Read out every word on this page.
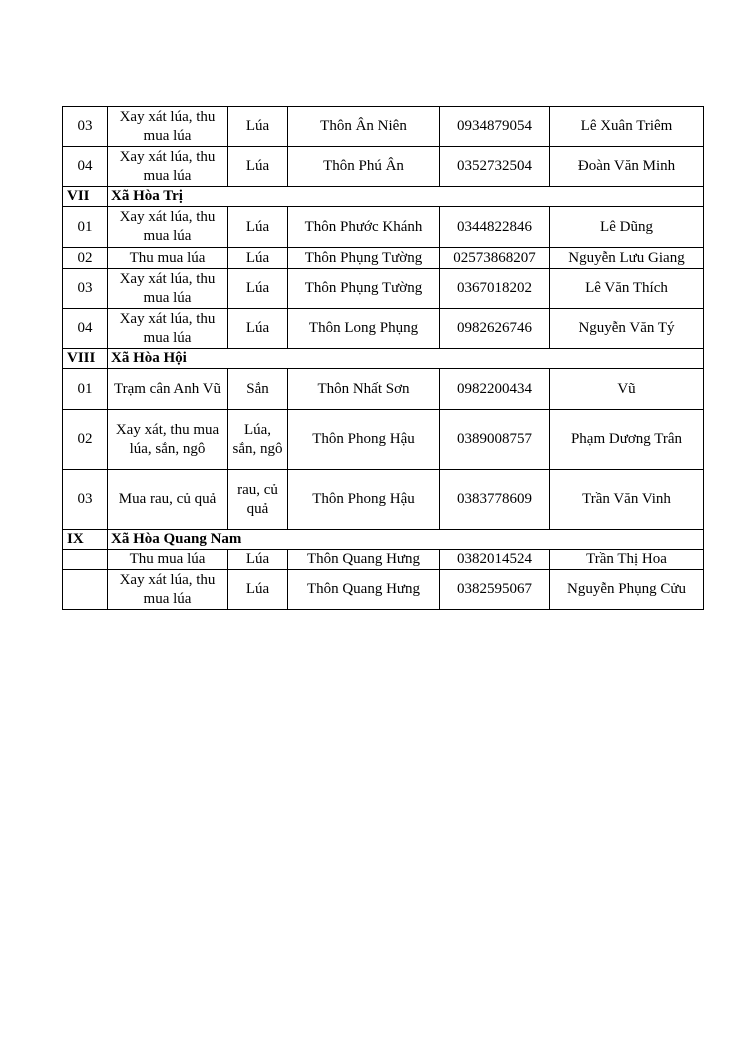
03	Xay xát lúa, thu mua lúa	Lúa	Thôn Ân Niên	0934879054	Lê Xuân Triêm
04	Xay xát lúa, thu mua lúa	Lúa	Thôn Phú Ân	0352732504	Đoàn Văn Minh
VII	Xã Hòa Trị				
01	Xay xát lúa, thu mua lúa	Lúa	Thôn Phước Khánh	0344822846	Lê Dũng
02	Thu mua lúa	Lúa	Thôn Phụng Tường	02573868207	Nguyễn Lưu Giang
03	Xay xát lúa, thu mua lúa	Lúa	Thôn Phụng Tường	0367018202	Lê Văn Thích
04	Xay xát lúa, thu mua lúa	Lúa	Thôn Long Phụng	0982626746	Nguyễn Văn Tý
VIII	Xã Hòa Hội				
01	Trạm cân Anh Vũ	Sắn	Thôn Nhất Sơn	0982200434	Vũ
02	Xay xát, thu mua lúa, sắn, ngô	Lúa, sắn, ngô	Thôn Phong Hậu	0389008757	Phạm Dương Trân
03	Mua rau, củ quả	rau, củ quả	Thôn Phong Hậu	0383778609	Trần Văn Vinh
IX	Xã Hòa Quang Nam				
	Thu mua lúa	Lúa	Thôn Quang Hưng	0382014524	Trần Thị Hoa
	Xay xát lúa, thu mua lúa	Lúa	Thôn Quang Hưng	0382595067	Nguyễn Phụng Cửu
